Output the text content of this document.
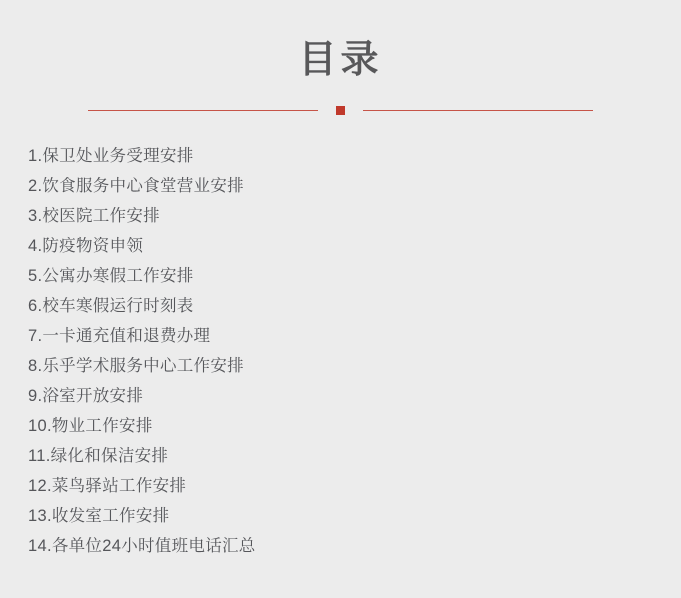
目录
1.保卫处业务受理安排
2.饮食服务中心食堂营业安排
3.校医院工作安排
4.防疫物资申领
5.公寓办寒假工作安排
6.校车寒假运行时刻表
7.一卡通充值和退费办理
8.乐乎学术服务中心工作安排
9.浴室开放安排
10.物业工作安排
11.绿化和保洁安排
12.菜鸟驿站工作安排
13.收发室工作安排
14.各单位24小时值班电话汇总
